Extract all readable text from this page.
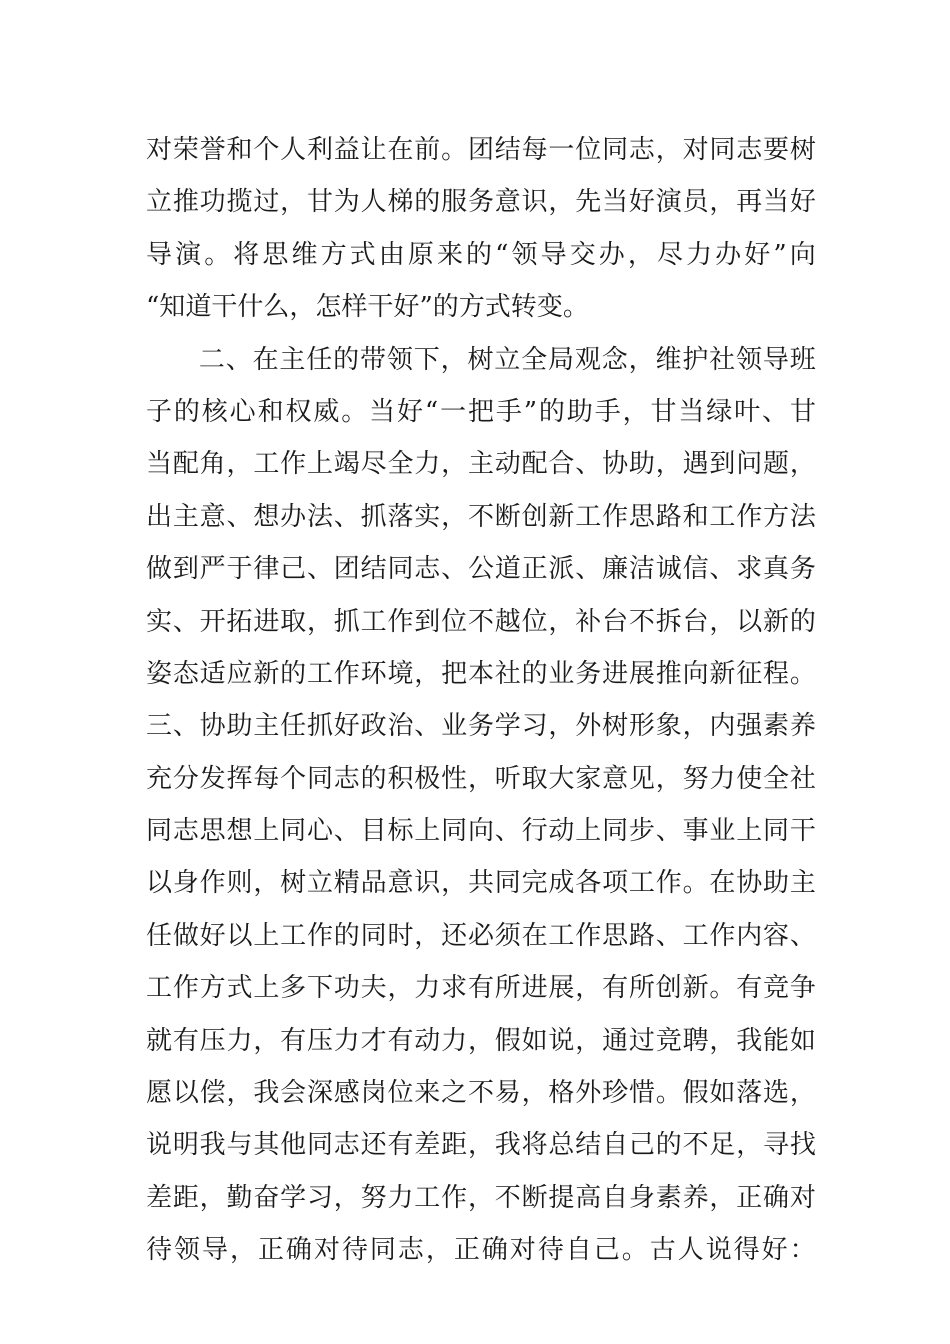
对 荣 誉 和 个 人 利 益 让 在 前 。 团 结 每 一 位 同 志 ， 对 同 志 要 树
立 推 功 揽 过 ， 甘 为 人 梯 的 服 务 意 识 ， 先 当 好 演 员 ， 再 当 好
导 演 。 将 思 维 方 式 由 原 来 的 “ 领 导 交 办 ， 尽 力 办 好 ” 向
“ 知 道 干 什 么 ， 怎 样 干 好 ” 的 方 式 转 变 。
二 、 在 主 任 的 带 领 下 ， 树 立 全 局 观 念 ， 维 护 社 领 导 班
子 的 核 心 和 权 威 。 当 好 “ 一 把 手 ” 的 助 手 ， 甘 当 绿 叶 、 甘
当 配 角 ， 工 作 上 竭 尽 全 力 ， 主 动 配 合 、 协 助 ， 遇 到 问 题 ，
出 主 意 、 想 办 法 、 抓 落 实 ， 不 断 创 新 工 作 思 路 和 工 作 方 法
做 到 严 于 律 己 、 团 结 同 志 、 公 道 正 派 、 廉 洁 诚 信 、 求 真 务
实 、 开 拓 进 取 ， 抓 工 作 到 位 不 越 位 ， 补 台 不 拆 台 ， 以 新 的
姿 态 适 应 新 的 工 作 环 境 ， 把 本 社 的 业 务 进 展 推 向 新 征 程 。
三 、 协 助 主 任 抓 好 政 治 、 业 务 学 习 ， 外 树 形 象 ， 内 强 素 养
充 分 发 挥 每 个 同 志 的 积 极 性 ， 听 取 大 家 意 见 ， 努 力 使 全 社
同 志 思 想 上 同 心 、 目 标 上 同 向 、 行 动 上 同 步 、 事 业 上 同 干
以 身 作 则 ， 树 立 精 品 意 识 ， 共 同 完 成 各 项 工 作 。 在 协 助 主
任 做 好 以 上 工 作 的 同 时 ， 还 必 须 在 工 作 思 路 、 工 作 内 容 、
工 作 方 式 上 多 下 功 夫 ， 力 求 有 所 进 展 ， 有 所 创 新 。 有 竞 争
就 有 压 力 ， 有 压 力 才 有 动 力 ， 假 如 说 ， 通 过 竞 聘 ， 我 能 如
愿 以 偿 ， 我 会 深 感 岗 位 来 之 不 易 ， 格 外 珍 惜 。 假 如 落 选 ，
说 明 我 与 其 他 同 志 还 有 差 距 ， 我 将 总 结 自 己 的 不 足 ， 寻 找
差 距 ， 勤 奋 学 习 ， 努 力 工 作 ， 不 断 提 高 自 身 素 养 ， 正 确 对
待 领 导 ， 正 确 对 待 同 志 ， 正 确 对 待 自 己 。 古 人 说 得 好 ：
